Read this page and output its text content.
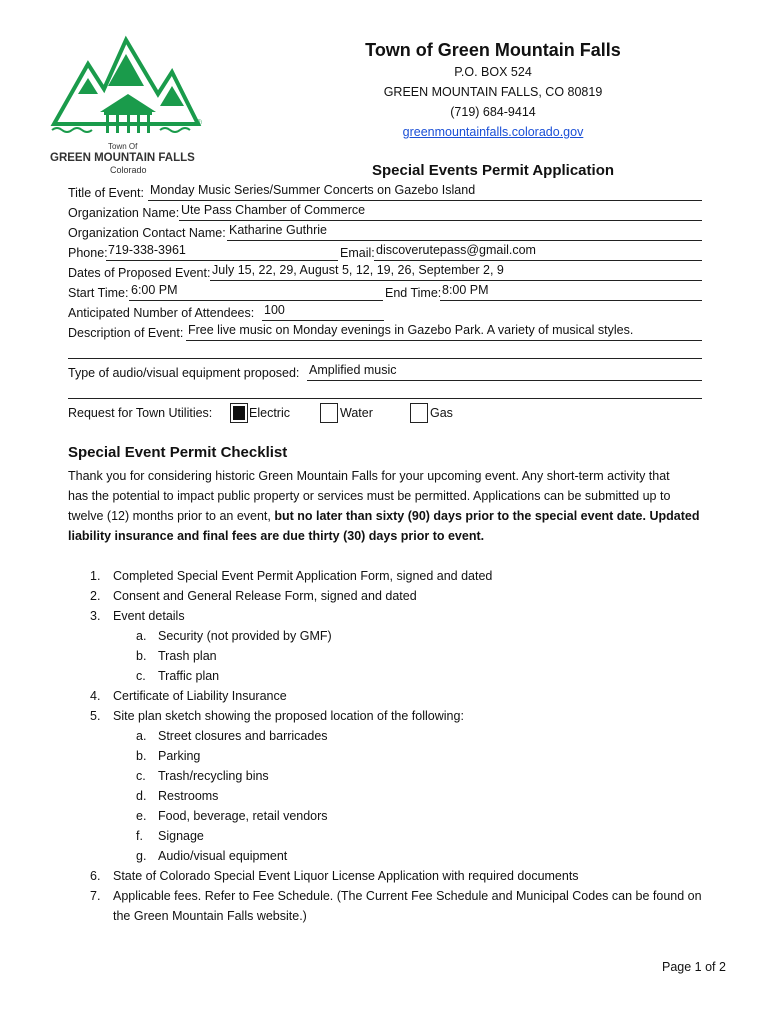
®
Town Of
GREEN MOUNTAIN FALLS
Colorado
Town of Green Mountain Falls
P.O. BOX 524
GREEN MOUNTAIN FALLS, CO 80819
(719) 684-9414
greenmountainfalls.colorado.gov
Special Events Permit Application
Title of Event: Monday Music Series/Summer Concerts on Gazebo Island
Organization Name: Ute Pass Chamber of Commerce
Organization Contact Name: Katharine Guthrie
Phone: 719-338-3961	Email: discoverutepass@gmail.com
Dates of Proposed Event: July 15, 22, 29, August 5, 12, 19, 26, September 2, 9
Start Time: 6:00 PM	End Time: 8:00 PM
Anticipated Number of Attendees: 100
Description of Event: Free live music on Monday evenings in Gazebo Park. A variety of musical styles.
Type of audio/visual equipment proposed: Amplified music
Request for Town Utilities:	Electric	Water	Gas
Special Event Permit Checklist
Thank you for considering historic Green Mountain Falls for your upcoming event. Any short-term activity that
has the potential to impact public property or services must be permitted. Applications can be submitted up to
twelve (12) months prior to an event, but no later than sixty (90) days prior to the special event date. Updated
liability insurance and final fees are due thirty (30) days prior to event.
1. Completed Special Event Permit Application Form, signed and dated
2. Consent and General Release Form, signed and dated
3. Event details
a. Security (not provided by GMF)
b. Trash plan
c. Traffic plan
4. Certificate of Liability Insurance
5. Site plan sketch showing the proposed location of the following:
a. Street closures and barricades
b. Parking
c. Trash/recycling bins
d. Restrooms
e. Food, beverage, retail vendors
f. Signage
g. Audio/visual equipment
6. State of Colorado Special Event Liquor License Application with required documents
7. Applicable fees. Refer to Fee Schedule. (The Current Fee Schedule and Municipal Codes can be found on
the Green Mountain Falls website.)
Page 1 of 2
